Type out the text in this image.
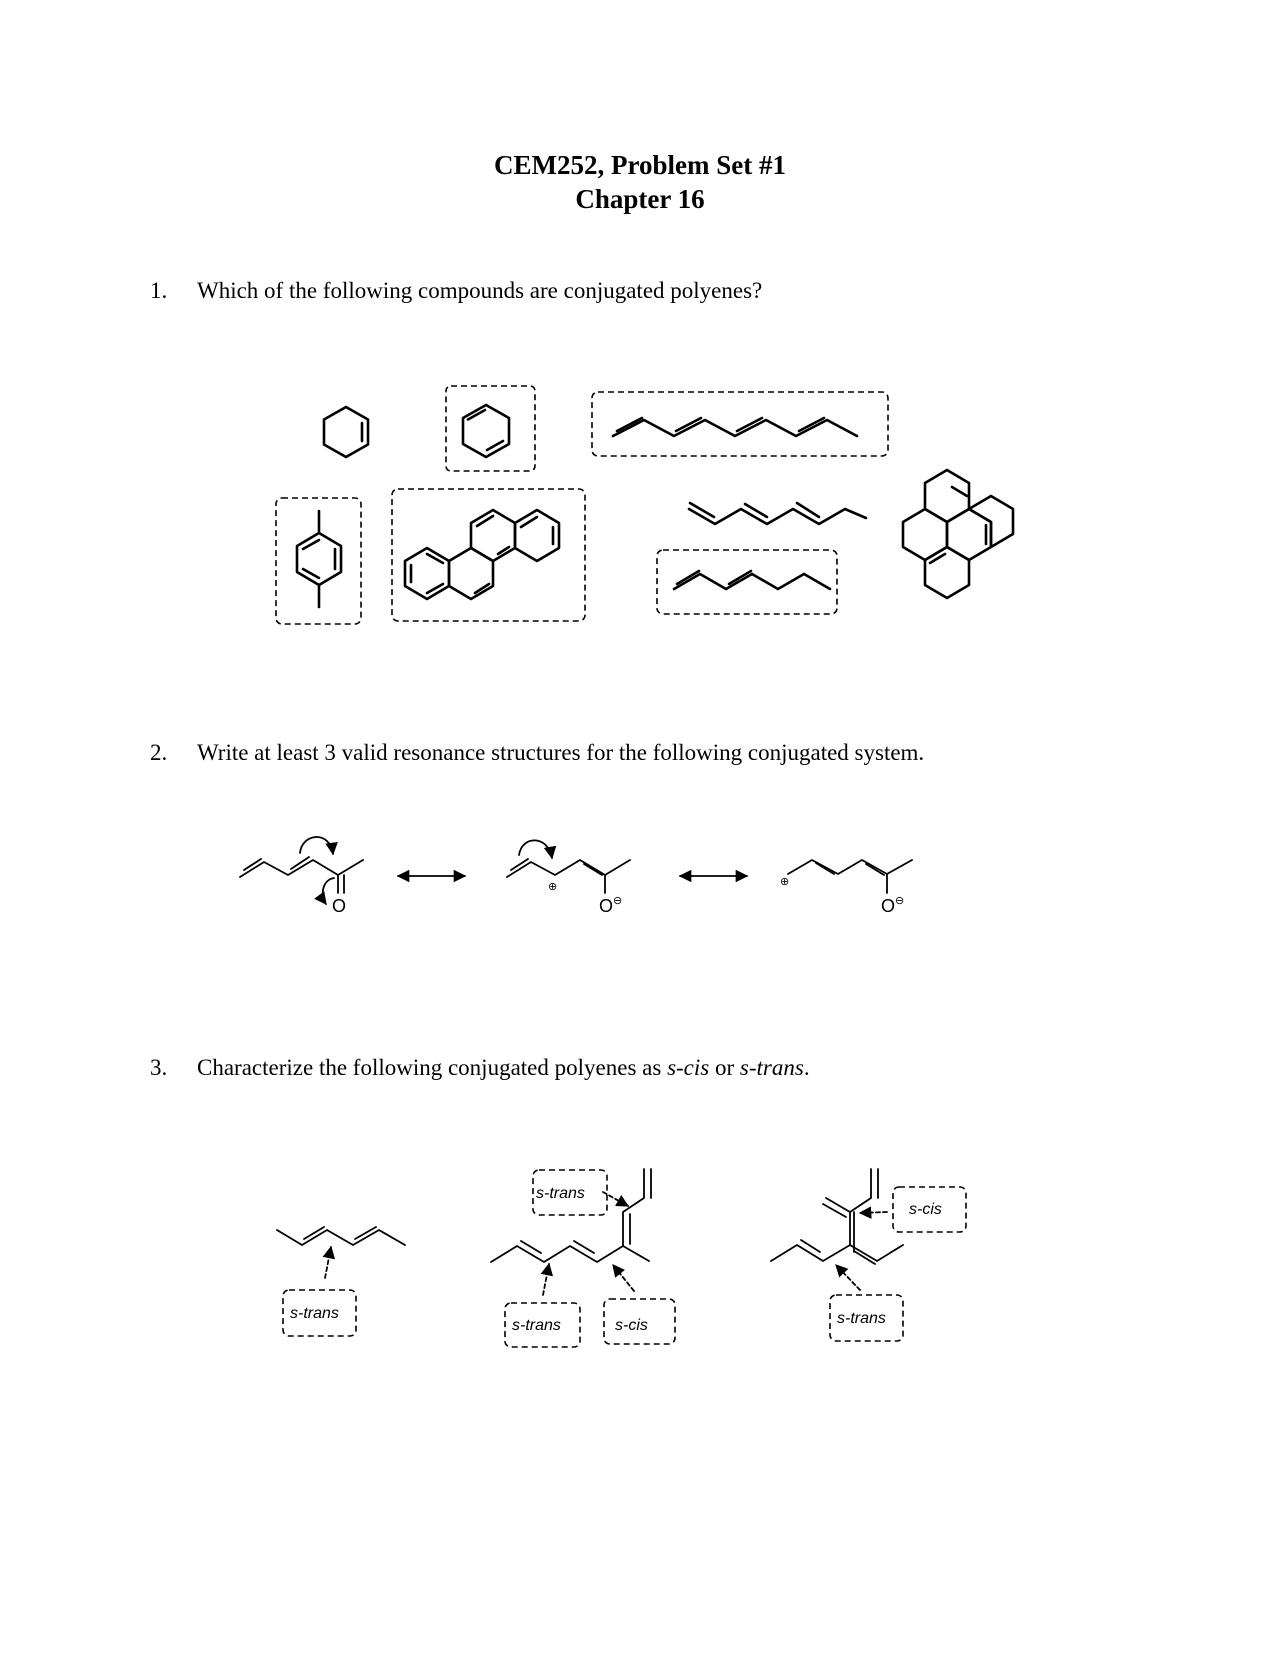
CEM252, Problem Set #1
Chapter 16
1. Which of the following compounds are conjugated polyenes?
2. Write at least 3 valid resonance structures for the following conjugated system.
3. Characterize the following conjugated polyenes as s-cis or s-trans.
O
⊕
O ⊖
⊕
O ⊖
s-trans
s-trans
s-trans	s-cis
s-cis
s-trans
